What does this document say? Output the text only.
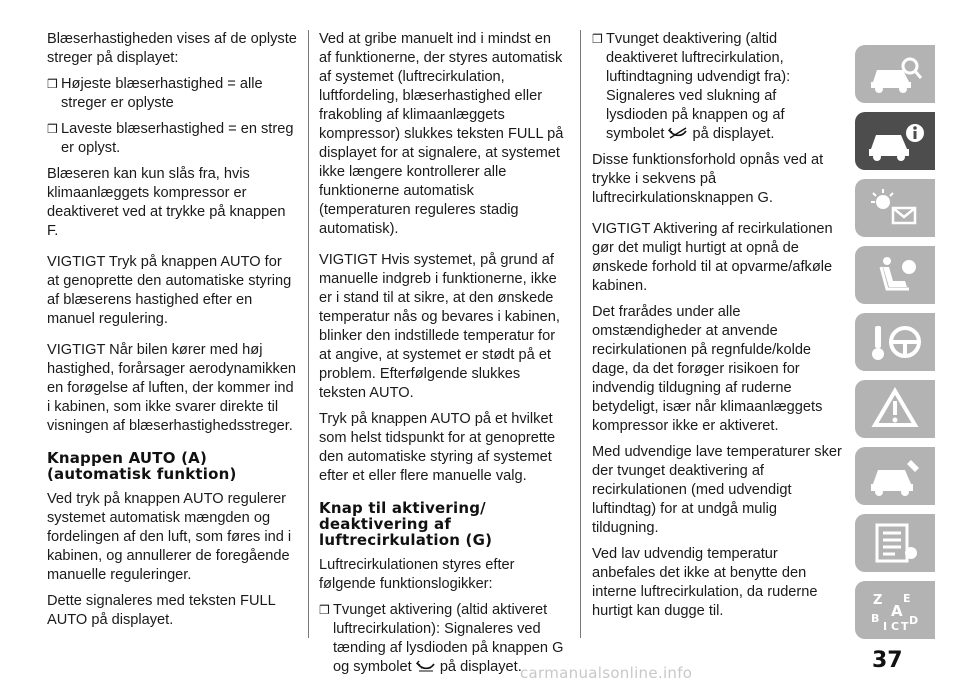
Blæserhastigheden vises af de oplyste streger på displayet:

❒ Højeste blæserhastighed = alle streger er oplyste
❒ Laveste blæserhastighed = en streg er oplyst.

Blæseren kan kun slås fra, hvis klimaanlæggets kompressor er deaktiveret ved at trykke på knappen F.

VIGTIGT Tryk på knappen AUTO for at genoprette den automatiske styring af blæserens hastighed efter en manuel regulering.

VIGTIGT Når bilen kører med høj hastighed, forårsager aerodynamikken en forøgelse af luften, der kommer ind i kabinen, som ikke svarer direkte til visningen af blæserhastighedsstreger.

Knappen AUTO (A)
(automatisk funktion)

Ved tryk på knappen AUTO regulerer systemet automatisk mængden og fordelingen af den luft, som føres ind i kabinen, og annullerer de foregående manuelle reguleringer.

Dette signaleres med teksten FULL AUTO på displayet.

Ved at gribe manuelt ind i mindst en af funktionerne, der styres automatisk af systemet (luftrecirkulation, luftfordeling, blæserhastighed eller frakobling af klimaanlæggets kompressor) slukkes teksten FULL på displayet for at signalere, at systemet ikke længere kontrollerer alle funktionerne automatisk (temperaturen reguleres stadig automatisk).

VIGTIGT Hvis systemet, på grund af manuelle indgreb i funktionerne, ikke er i stand til at sikre, at den ønskede temperatur nås og bevares i kabinen, blinker den indstillede temperatur for at angive, at systemet er stødt på et problem. Efterfølgende slukkes teksten AUTO.

Tryk på knappen AUTO på et hvilket som helst tidspunkt for at genoprette den automatiske styring af systemet efter et eller flere manuelle valg.

Knap til aktivering/
deaktivering af
luftrecirkulation (G)

Luftrecirkulationen styres efter følgende funktionslogikker:

❒ Tvunget aktivering (altid aktiveret luftrecirkulation): Signaleres ved tænding af lysdioden på knappen G og symbolet på displayet.
❒ Tvunget deaktivering (altid deaktiveret luftrecirkulation, luftindtagning udvendigt fra): Signaleres ved slukning af lysdioden på knappen og af symbolet på displayet.

Disse funktionsforhold opnås ved at trykke i sekvens på luftrecirkulationsknappen G.

VIGTIGT Aktivering af recirkulationen gør det muligt hurtigt at opnå de ønskede forhold til at opvarme/afkøle kabinen.

Det frarådes under alle omstændigheder at anvende recirkulationen på regnfulde/kolde dage, da det forøger risikoen for indvendig tildugning af ruderne betydeligt, især når klimaanlæggets kompressor ikke er aktiveret.

Med udvendige lave temperaturer sker der tvunget deaktivering af recirkulationen (med udvendigt luftindtag) for at undgå mulig tildugning.

Ved lav udvendig temperatur anbefales det ikke at benytte den interne luftrecirkulation, da ruderne hurtigt kan dugge til.

Z E
A
B	D
I C T
37
carmanualsonline.info
